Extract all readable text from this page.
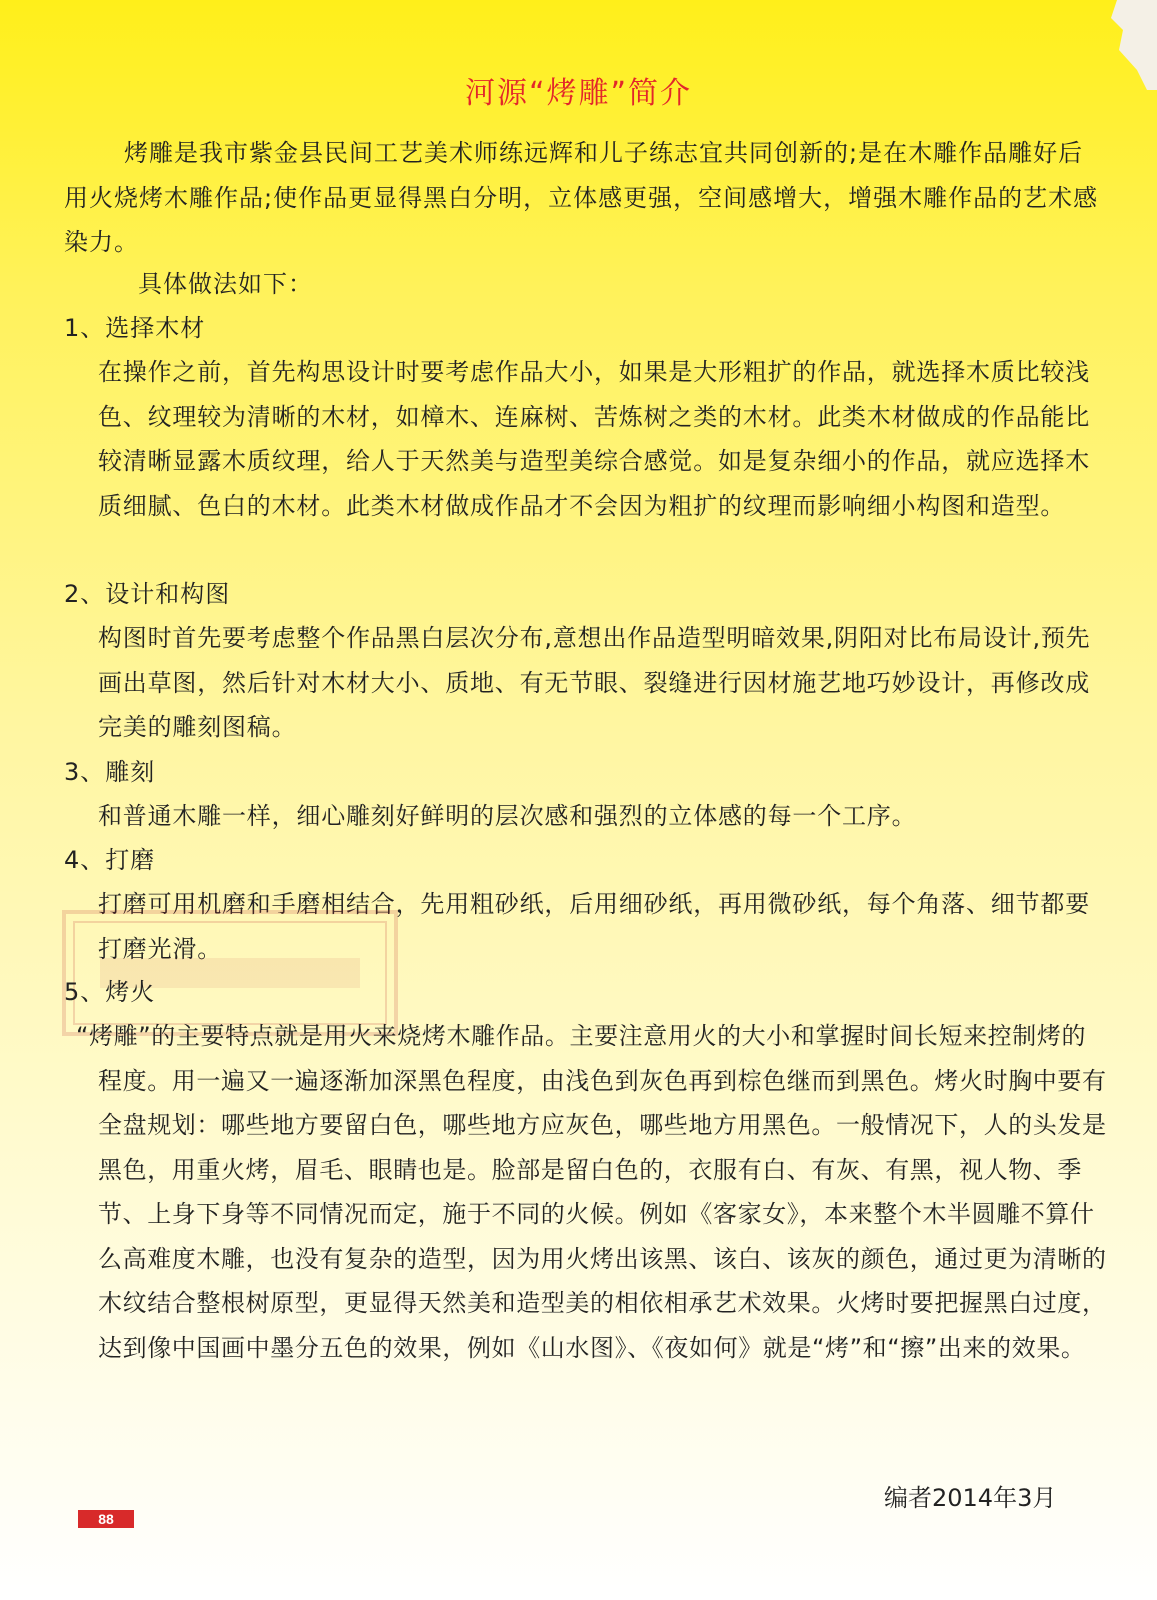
河源“烤雕”简介

烤雕是我市紫金县民间工艺美术师练远辉和儿子练志宜共同创新的;是在木雕作品雕好后用火烧烤木雕作品;使作品更显得黑白分明，立体感更强，空间感增大，增强木雕作品的艺术感染力。

具体做法如下：

1、选择木材

在操作之前，首先构思设计时要考虑作品大小，如果是大形粗扩的作品，就选择木质比较浅色、纹理较为清晰的木材，如樟木、连麻树、苦炼树之类的木材。此类木材做成的作品能比较清晰显露木质纹理，给人于天然美与造型美综合感觉。如是复杂细小的作品，就应选择木质细腻、色白的木材。此类木材做成作品才不会因为粗扩的纹理而影响细小构图和造型。

2、设计和构图

构图时首先要考虑整个作品黑白层次分布,意想出作品造型明暗效果,阴阳对比布局设计,预先画出草图，然后针对木材大小、质地、有无节眼、裂缝进行因材施艺地巧妙设计，再修改成完美的雕刻图稿。

3、雕刻

和普通木雕一样，细心雕刻好鲜明的层次感和强烈的立体感的每一个工序。

4、打磨

打磨可用机磨和手磨相结合，先用粗砂纸，后用细砂纸，再用微砂纸，每个角落、细节都要打磨光滑。

5、烤火

“烤雕”的主要特点就是用火来烧烤木雕作品。主要注意用火的大小和掌握时间长短来控制烤的程度。用一遍又一遍逐渐加深黑色程度，由浅色到灰色再到棕色继而到黑色。烤火时胸中要有全盘规划：哪些地方要留白色，哪些地方应灰色，哪些地方用黑色。一般情况下，人的头发是黑色，用重火烤，眉毛、眼睛也是。脸部是留白色的，衣服有白、有灰、有黑，视人物、季节、上身下身等不同情况而定，施于不同的火候。例如《客家女》，本来整个木半圆雕不算什么高难度木雕，也没有复杂的造型，因为用火烤出该黑、该白、该灰的颜色，通过更为清晰的木纹结合整根树原型，更显得天然美和造型美的相依相承艺术效果。火烤时要把握黑白过度，达到像中国画中墨分五色的效果，例如《山水图》、《夜如何》就是“烤”和“擦”出来的效果。

编者2014年3月

88
